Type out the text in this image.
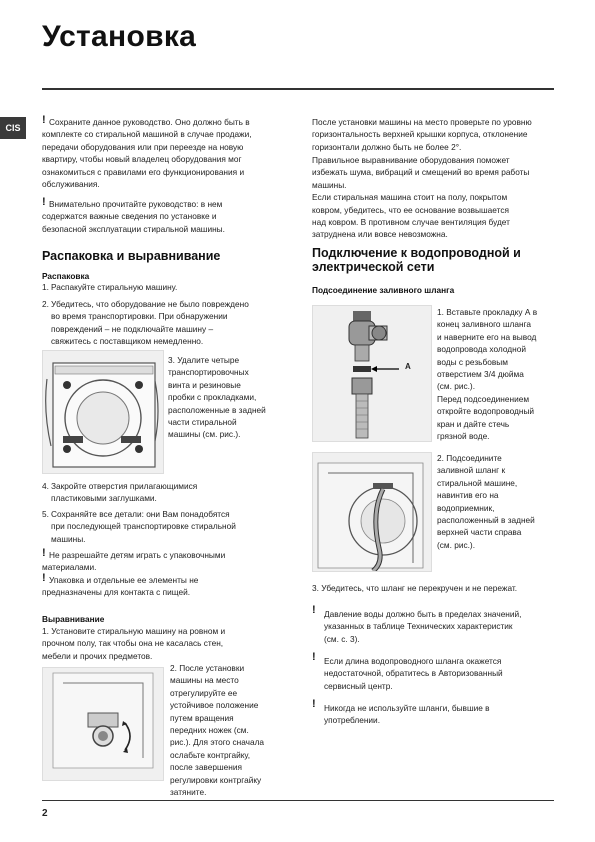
Установка
CIS
! Сохраните данное руководство. Оно должно быть в
комплекте со стиральной машиной в случае продажи,
передачи оборудования или при переезде на новую
квартиру, чтобы новый владелец оборудования мог
ознакомиться с правилами его функционирования и
обслуживания.
! Внимательно прочитайте руководство: в нем
содержатся важные сведения по установке и
безопасной эксплуатации стиральной машины.
Распаковка и выравнивание
Распаковка
1. Распакуйте стиральную машину.
2. Убедитесь, что оборудование не было повреждено
во время транспортировки. При обнаружении
повреждений – не подключайте машину –
свяжитесь с поставщиком немедленно.
3. Удалите четыре
транспортировочных
винта и резиновые
пробки с прокладками,
расположенные в задней
части стиральной
машины (см. рис.).
4. Закройте отверстия прилагающимися
пластиковыми заглушками.
5. Сохраняйте все детали: они Вам понадобятся
при последующей транспортировке стиральной
машины.
! Не разрешайте детям играть с упаковочными
материалами.
! Упаковка и отдельные ее элементы не
предназначены для контакта с пищей.
Выравнивание
1. Установите стиральную машину на ровном и
прочном полу, так чтобы она не касалась стен,
мебели и прочих предметов.
2. После установки
машины на место
отрегулируйте ее
устойчивое положение
путем вращения
передних ножек (см.
рис.). Для этого сначала
ослабьте контргайку,
после завершения
регулировки контргайку
затяните.
После установки машины на место проверьте по уровню
горизонтальность верхней крышки корпуса, отклонение
горизонтали должно быть не более 2°.
Правильное выравнивание оборудования поможет
избежать шума, вибраций и смещений во время работы
машины.
Если стиральная машина стоит на полу, покрытом
ковром, убедитесь, что ее основание возвышается
над ковром. В противном случае вентиляция будет
затруднена или вовсе невозможна.
Подключение к водопроводной и
электрической сети
Подсоединение заливного шланга
A
1. Вставьте прокладку А в
конец заливного шланга
и наверните его на вывод
водопровода холодной
воды с резьбовым
отверстием 3/4 дюйма
(см. рис.).
Перед подсоединением
откройте водопроводный
кран и дайте стечь
грязной воде.
2. Подсоедините
заливной шланг к
стиральной машине,
навинтив его на
водоприемник,
расположенный в задней
верхней части справа
(см. рис.).
3. Убедитесь, что шланг не перекручен и не пережат.
! Давление воды должно быть в пределах значений,
указанных в таблице Технических характеристик
(см. с. 3).
! Если длина водопроводного шланга окажется
недостаточной, обратитесь в Авторизованный
сервисный центр.
! Никогда не используйте шланги, бывшие в
употреблении.
2
